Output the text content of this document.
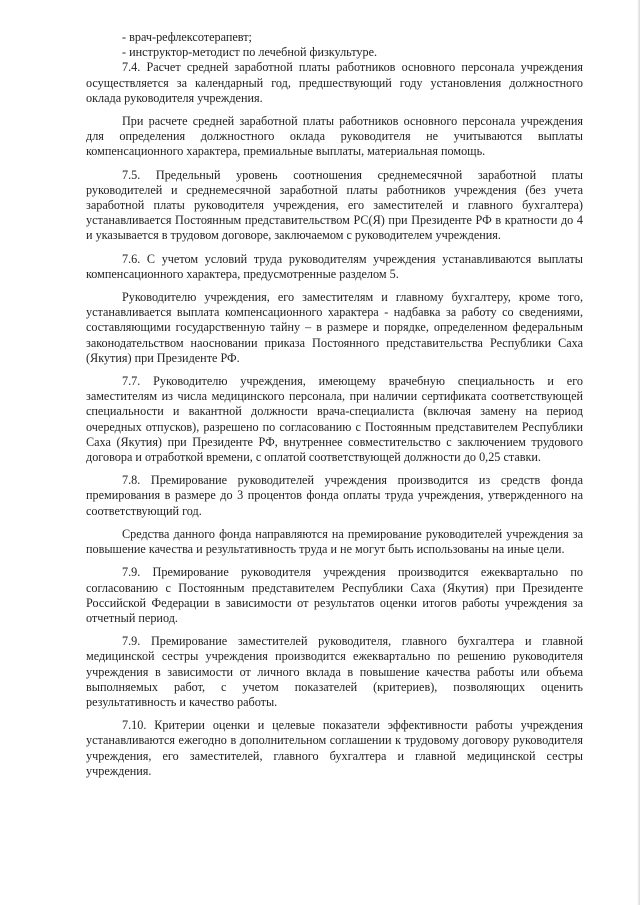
- врач-рефлексотерапевт;

- инструктор-методист по лечебной физкультуре.

7.4. Расчет средней заработной платы работников основного персонала учреждения осуществляется за календарный год, предшествующий году установления должностного оклада руководителя учреждения.

При расчете средней заработной платы работников основного персонала учреждения для определения должностного оклада руководителя не учитываются выплаты компенсационного характера, премиальные выплаты, материальная помощь.

7.5. Предельный уровень соотношения среднемесячной заработной платы руководителей и среднемесячной заработной платы работников учреждения (без учета заработной платы руководителя учреждения, его заместителей и главного бухгалтера) устанавливается Постоянным представительством РС(Я) при Президенте РФ в кратности до 4 и указывается в трудовом договоре, заключаемом с руководителем учреждения.

7.6. С учетом условий труда руководителям учреждения устанавливаются выплаты компенсационного характера, предусмотренные разделом 5.

Руководителю учреждения, его заместителям и главному бухгалтеру, кроме того, устанавливается выплата компенсационного характера - надбавка за работу со сведениями, составляющими государственную тайну – в размере и порядке, определенном федеральным законодательством наосновании приказа Постоянного представительства Республики Саха (Якутия) при Президенте РФ.

7.7. Руководителю учреждения, имеющему врачебную специальность и его заместителям из числа медицинского персонала, при наличии сертификата соответствующей специальности и вакантной должности врача-специалиста (включая замену на период очередных отпусков), разрешено по согласованию с Постоянным представителем Республики Саха (Якутия) при Президенте РФ, внутреннее совместительство с заключением трудового договора и отработкой времени, с оплатой соответствующей должности до 0,25 ставки.

7.8. Премирование руководителей учреждения производится из средств фонда премирования в размере до 3 процентов фонда оплаты труда учреждения, утвержденного на соответствующий год.

Средства данного фонда направляются на премирование руководителей учреждения за повышение качества и результативность труда и не могут быть использованы на иные цели.

7.9. Премирование руководителя учреждения производится ежеквартально по согласованию с Постоянным представителем Республики Саха (Якутия) при Президенте Российской Федерации в зависимости от результатов оценки итогов работы учреждения за отчетный период.

7.9. Премирование заместителей руководителя, главного бухгалтера и главной медицинской сестры учреждения производится ежеквартально по решению руководителя учреждения в зависимости от личного вклада в повышение качества работы или объема выполняемых работ, с учетом показателей (критериев), позволяющих оценить результативность и качество работы.

7.10. Критерии оценки и целевые показатели эффективности работы учреждения устанавливаются ежегодно в дополнительном соглашении к трудовому договору руководителя учреждения, его заместителей, главного бухгалтера и главной медицинской сестры учреждения.
